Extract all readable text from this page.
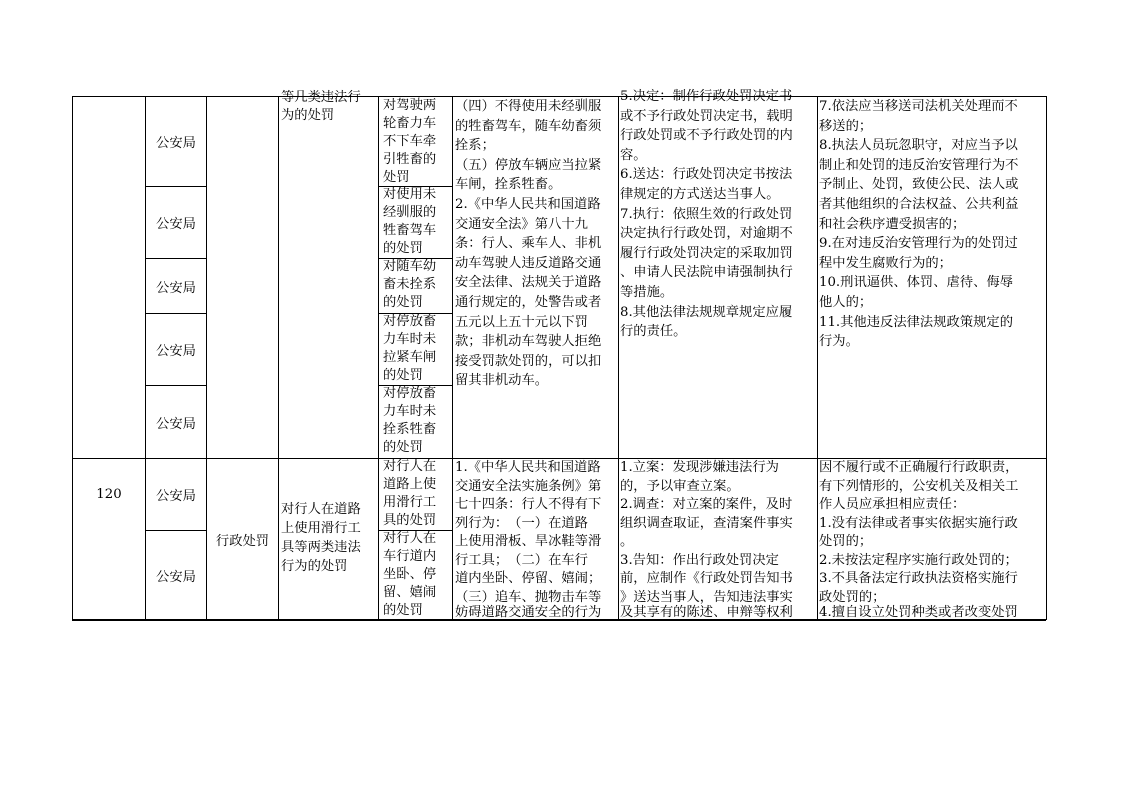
公安局
公安局
公安局
公安局
公安局
等几类违法行
为的处罚
对驾驶两
轮畜力车
不下车牵
引牲畜的
处罚
对使用未
经驯服的
牲畜驾车
的处罚
对随车幼
畜未拴系
的处罚
对停放畜
力车时未
拉紧车闸
的处罚
对停放畜
力车时未
拴系牲畜
的处罚
（四）不得使用未经驯服
的牲畜驾车，随车幼畜须
拴系；
（五）停放车辆应当拉紧
车闸，拴系牲畜。
2.《中华人民共和国道路
交通安全法》第八十九
条：行人、乘车人、非机
动车驾驶人违反道路交通
安全法律、法规关于道路
通行规定的，处警告或者
五元以上五十元以下罚
款；非机动车驾驶人拒绝
接受罚款处罚的，可以扣
留其非机动车。
5.决定：制作行政处罚决定书
或不予行政处罚决定书，载明
行政处罚或不予行政处罚的内
容。
6.送达：行政处罚决定书按法
律规定的方式送达当事人。
7.执行：依照生效的行政处罚
决定执行行政处罚，对逾期不
履行行政处罚决定的采取加罚
、申请人民法院申请强制执行
等措施。
8.其他法律法规规章规定应履
行的责任。
7.依法应当移送司法机关处理而不
移送的；
8.执法人员玩忽职守，对应当予以
制止和处罚的违反治安管理行为不
予制止、处罚，致使公民、法人或
者其他组织的合法权益、公共利益
和社会秩序遭受损害的；
9.在对违反治安管理行为的处罚过
程中发生腐败行为的；
10.刑讯逼供、体罚、虐待、侮辱
他人的；
11.其他违反法律法规政策规定的
行为。
120	公安局
公安局
行政处罚
对行人在道路
上使用滑行工
具等两类违法
行为的处罚
对行人在
道路上使
用滑行工
具的处罚
对行人在
车行道内
坐卧、停
留、嬉闹
的处罚
1.《中华人民共和国道路
交通安全法实施条例》第
七十四条：行人不得有下
列行为：　（一）在道路
上使用滑板、旱冰鞋等滑
行工具；　（二）在车行
道内坐卧、停留、嬉闹；
（三）追车、抛物击车等
妨碍道路交通安全的行为
1.立案：发现涉嫌违法行为
的，予以审查立案。
2.调查：对立案的案件，及时
组织调查取证，查清案件事实
。
3.告知：作出行政处罚决定
前，应制作《行政处罚告知书
》送达当事人，告知违法事实
及其享有的陈述、申辩等权利
因不履行或不正确履行行政职责，
有下列情形的，公安机关及相关工
作人员应承担相应责任：
1.没有法律或者事实依据实施行政
处罚的；
2.未按法定程序实施行政处罚的；
3.不具备法定行政执法资格实施行
政处罚的；
4.擅自设立处罚种类或者改变处罚
